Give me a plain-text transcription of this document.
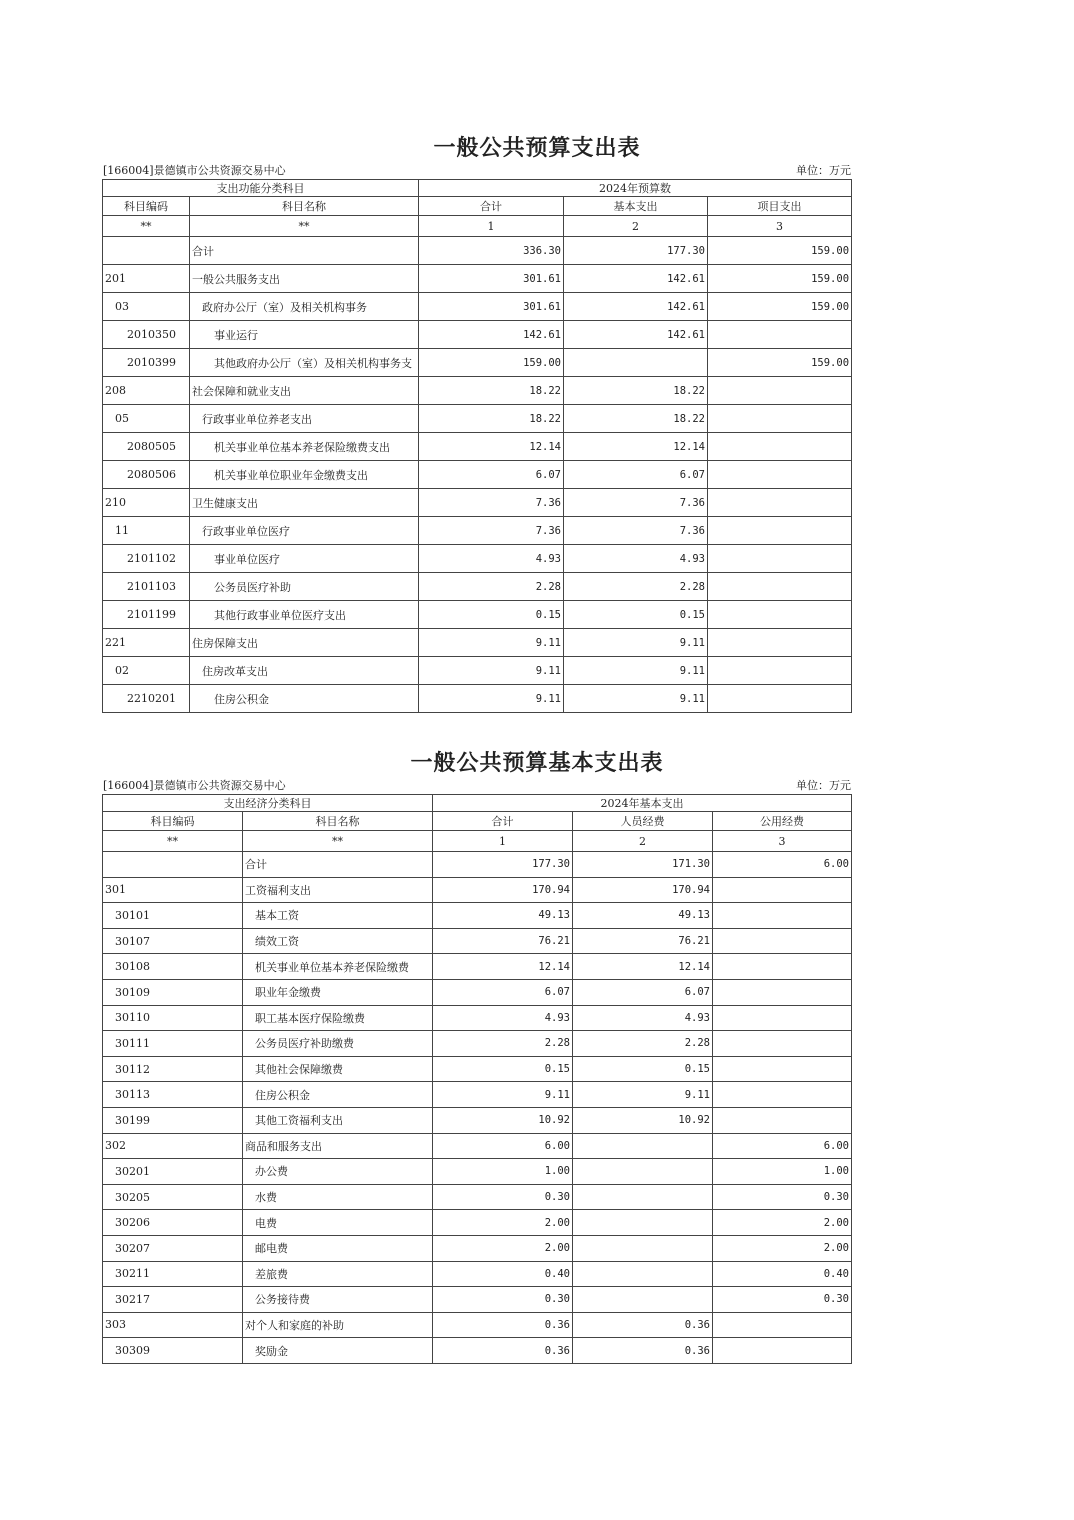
一般公共预算支出表
[166004]景德镇市公共资源交易中心	单位：万元
支出功能分类科目		2024年预算数		
科目编码	科目名称	合计	基本支出	项目支出
**	**	1	2	3
	合计	336.30	177.30	159.00
201	一般公共服务支出	301.61	142.61	159.00
03	政府办公厅（室）及相关机构事务	301.61	142.61	159.00
2010350	事业运行	142.61	142.61	
2010399	其他政府办公厅（室）及相关机构事务支	159.00		159.00
208	社会保障和就业支出	18.22	18.22	
05	行政事业单位养老支出	18.22	18.22	
2080505	机关事业单位基本养老保险缴费支出	12.14	12.14	
2080506	机关事业单位职业年金缴费支出	6.07	6.07	
210	卫生健康支出	7.36	7.36	
11	行政事业单位医疗	7.36	7.36	
2101102	事业单位医疗	4.93	4.93	
2101103	公务员医疗补助	2.28	2.28	
2101199	其他行政事业单位医疗支出	0.15	0.15	
221	住房保障支出	9.11	9.11	
02	住房改革支出	9.11	9.11	
2210201	住房公积金	9.11	9.11	
一般公共预算基本支出表
[166004]景德镇市公共资源交易中心	单位：万元
支出经济分类科目		2024年基本支出		
科目编码	科目名称	合计	人员经费	公用经费
**	**	1	2	3
	合计	177.30	171.30	6.00
301	工资福利支出	170.94	170.94	
30101	基本工资	49.13	49.13	
30107	绩效工资	76.21	76.21	
30108	机关事业单位基本养老保险缴费	12.14	12.14	
30109	职业年金缴费	6.07	6.07	
30110	职工基本医疗保险缴费	4.93	4.93	
30111	公务员医疗补助缴费	2.28	2.28	
30112	其他社会保障缴费	0.15	0.15	
30113	住房公积金	9.11	9.11	
30199	其他工资福利支出	10.92	10.92	
302	商品和服务支出	6.00		6.00
30201	办公费	1.00		1.00
30205	水费	0.30		0.30
30206	电费	2.00		2.00
30207	邮电费	2.00		2.00
30211	差旅费	0.40		0.40
30217	公务接待费	0.30		0.30
303	对个人和家庭的补助	0.36	0.36	
30309	奖励金	0.36	0.36	
